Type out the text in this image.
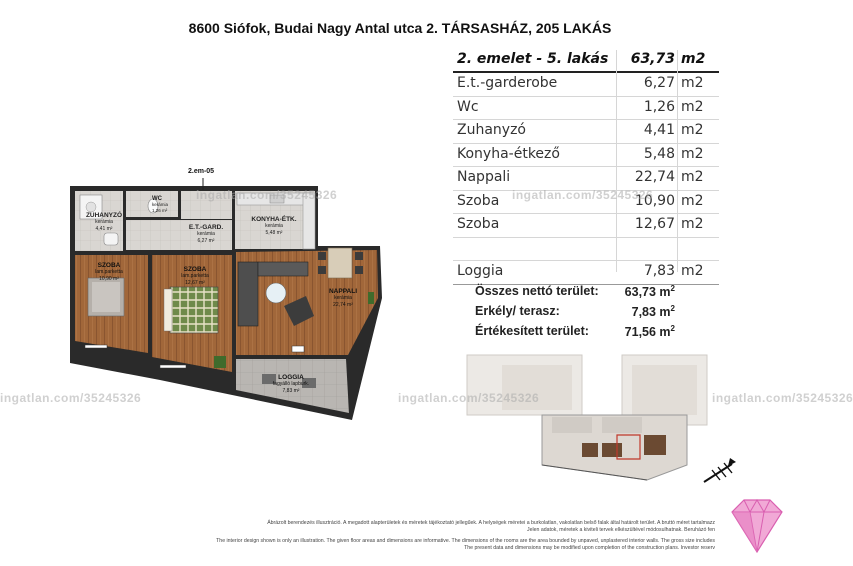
8600 Siófok, Budai Nagy Antal utca 2. TÁRSASHÁZ, 205 LAKÁS
ZUHANYZÓ
kerámia
4,41 m²
WC
kerámia
1,26 m²
E.T.-GARD.
kerámia
6,27 m²
KONYHA-ÉTK.
kerámia
5,48 m²
SZOBA
lam.parketta
10,90 m²
SZOBA
lam.parketta
12,67 m²
NAPPALI
kerámia
22,74 m²
LOGGIA
fagyálló lapburk.
7,83 m²
2.em-05
2. emelet - 5. lakás 63,73 m2
E.t.-garderobe	6,27 m2
Wc	1,26 m2
Zuhanyzó	4,41 m2
Konyha-étkező	5,48 m2
Nappali	22,74 m2
Szoba	10,90 m2
Szoba	12,67 m2
Loggia	7,83 m2
Összes nettó terület: 63,73 $m^2$
Erkély/ terasz:	7,83 $m^2$
Értékesített terület:	71,56 $m^2$
ingatlan.com/35245326	ingatlan.com/35245326
ingatlan.com/35245326	ingatlan.com/35245326	ingatlan.com/35245326
Ábrázolt berendezés illusztráció. A megadott alapterületek és méretek tájékoztató jellegűek. A helységek méretei a burkolatlan, vakolatlan belső falak által határolt terület. A bruttó méret tartalmazz
Jelen adatok, méretek a kiviteli tervek elkészültével módosulhatnak. Beruházó fen
The interior design shown is only an illustration. The given floor areas and dimensions are informative. The dimensions of the rooms are the area bounded by unpaved, unplastered interior walls. The gross size includes
The present data and dimensions may be modified upon completion of the construction plans. Investor reserv
